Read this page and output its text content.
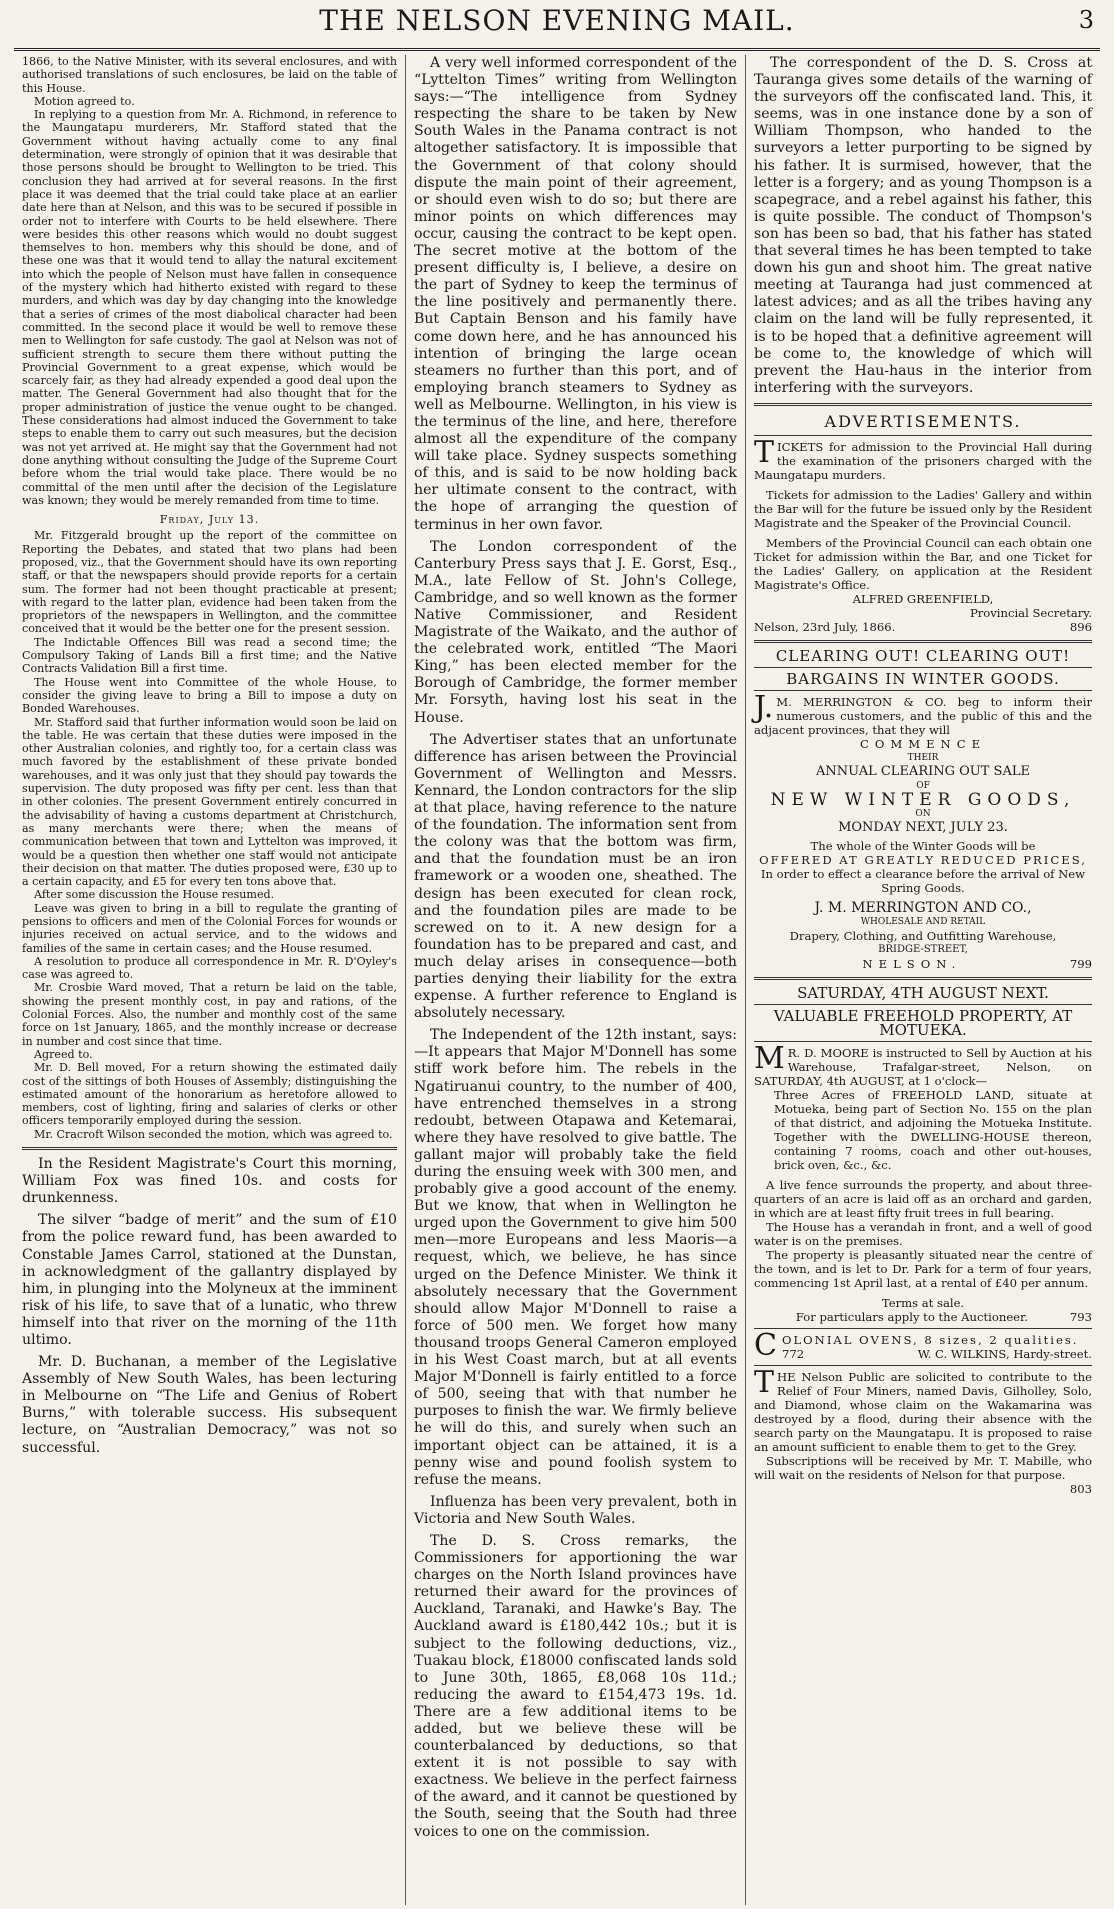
THE NELSON EVENING MAIL.	3

1866, to the Native Minister, with its several enclosures, and with authorised translations of such enclosures, be laid on the table of this House.

Motion agreed to.

In replying to a question from Mr. A. Richmond, in reference to the Maungatapu murderers, Mr. Stafford stated that the Government without having actually come to any final determination, were strongly of opinion that it was desirable that those persons should be brought to Wellington to be tried. This conclusion they had arrived at for several reasons. In the first place it was deemed that the trial could take place at an earlier date here than at Nelson, and this was to be secured if possible in order not to interfere with Courts to be held elsewhere. There were besides this other reasons which would no doubt suggest themselves to hon. members why this should be done, and of these one was that it would tend to allay the natural excitement into which the people of Nelson must have fallen in consequence of the mystery which had hitherto existed with regard to these murders, and which was day by day changing into the knowledge that a series of crimes of the most diabolical character had been committed. In the second place it would be well to remove these men to Wellington for safe custody. The gaol at Nelson was not of sufficient strength to secure them there without putting the Provincial Government to a great expense, which would be scarcely fair, as they had already expended a good deal upon the matter. The General Government had also thought that for the proper administration of justice the venue ought to be changed. These considerations had almost induced the Government to take steps to enable them to carry out such measures, but the decision was not yet arrived at. He might say that the Government had not done anything without consulting the Judge of the Supreme Court before whom the trial would take place. There would be no committal of the men until after the decision of the Legislature was known; they would be merely remanded from time to time.

Friday, July 13.

Mr. Fitzgerald brought up the report of the committee on Reporting the Debates, and stated that two plans had been proposed, viz., that the Government should have its own reporting staff, or that the newspapers should provide reports for a certain sum. The former had not been thought practicable at present; with regard to the latter plan, evidence had been taken from the proprietors of the newspapers in Wellington, and the committee conceived that it would be the better one for the present session.

The Indictable Offences Bill was read a second time; the Compulsory Taking of Lands Bill a first time; and the Native Contracts Validation Bill a first time.

The House went into Committee of the whole House, to consider the giving leave to bring a Bill to impose a duty on Bonded Warehouses.

Mr. Stafford said that further information would soon be laid on the table. He was certain that these duties were imposed in the other Australian colonies, and rightly too, for a certain class was much favored by the establishment of these private bonded warehouses, and it was only just that they should pay towards the supervision. The duty proposed was fifty per cent. less than that in other colonies. The present Government entirely concurred in the advisability of having a customs department at Christchurch, as many merchants were there; when the means of communication between that town and Lyttelton was improved, it would be a question then whether one staff would not anticipate their decision on that matter. The duties proposed were, £30 up to a certain capacity, and £5 for every ten tons above that.

After some discussion the House resumed.

Leave was given to bring in a bill to regulate the granting of pensions to officers and men of the Colonial Forces for wounds or injuries received on actual service, and to the widows and families of the same in certain cases; and the House resumed.

A resolution to produce all correspondence in Mr. R. D'Oyley's case was agreed to.

Mr. Crosbie Ward moved, That a return be laid on the table, showing the present monthly cost, in pay and rations, of the Colonial Forces. Also, the number and monthly cost of the same force on 1st January, 1865, and the monthly increase or decrease in number and cost since that time.

Agreed to.

Mr. D. Bell moved, For a return showing the estimated daily cost of the sittings of both Houses of Assembly; distinguishing the estimated amount of the honorarium as heretofore allowed to members, cost of lighting, firing and salaries of clerks or other officers temporarily employed during the session.

Mr. Cracroft Wilson seconded the motion, which was agreed to.

In the Resident Magistrate's Court this morning, William Fox was fined 10s. and costs for drunkenness.

The silver “badge of merit” and the sum of £10 from the police reward fund, has been awarded to Constable James Carrol, stationed at the Dunstan, in acknowledgment of the gallantry displayed by him, in plunging into the Molyneux at the imminent risk of his life, to save that of a lunatic, who threw himself into that river on the morning of the 11th ultimo.

Mr. D. Buchanan, a member of the Legislative Assembly of New South Wales, has been lecturing in Melbourne on “The Life and Genius of Robert Burns,” with tolerable success. His subsequent lecture, on “Australian Democracy,” was not so successful.

A very well informed correspondent of the “Lyttelton Times” writing from Wellington says:—“The intelligence from Sydney respecting the share to be taken by New South Wales in the Panama contract is not altogether satisfactory. It is impossible that the Government of that colony should dispute the main point of their agreement, or should even wish to do so; but there are minor points on which differences may occur, causing the contract to be kept open. The secret motive at the bottom of the present difficulty is, I believe, a desire on the part of Sydney to keep the terminus of the line positively and permanently there. But Captain Benson and his family have come down here, and he has announced his intention of bringing the large ocean steamers no further than this port, and of employing branch steamers to Sydney as well as Melbourne. Wellington, in his view is the terminus of the line, and here, therefore almost all the expenditure of the company will take place. Sydney suspects something of this, and is said to be now holding back her ultimate consent to the contract, with the hope of arranging the question of terminus in her own favor.

The London correspondent of the Canterbury Press says that J. E. Gorst, Esq., M.A., late Fellow of St. John's College, Cambridge, and so well known as the former Native Commissioner, and Resident Magistrate of the Waikato, and the author of the celebrated work, entitled “The Maori King,” has been elected member for the Borough of Cambridge, the former member Mr. Forsyth, having lost his seat in the House.

The Advertiser states that an unfortunate difference has arisen between the Provincial Government of Wellington and Messrs. Kennard, the London contractors for the slip at that place, having reference to the nature of the foundation. The information sent from the colony was that the bottom was firm, and that the foundation must be an iron framework or a wooden one, sheathed. The design has been executed for clean rock, and the foundation piles are made to be screwed on to it. A new design for a foundation has to be prepared and cast, and much delay arises in consequence—both parties denying their liability for the extra expense. A further reference to England is absolutely necessary.

The Independent of the 12th instant, says:—It appears that Major M'Donnell has some stiff work before him. The rebels in the Ngatiruanui country, to the number of 400, have entrenched themselves in a strong redoubt, between Otapawa and Ketemarai, where they have resolved to give battle. The gallant major will probably take the field during the ensuing week with 300 men, and probably give a good account of the enemy. But we know, that when in Wellington he urged upon the Government to give him 500 men—more Europeans and less Maoris—a request, which, we believe, he has since urged on the Defence Minister. We think it absolutely necessary that the Government should allow Major M'Donnell to raise a force of 500 men. We forget how many thousand troops General Cameron employed in his West Coast march, but at all events Major M'Donnell is fairly entitled to a force of 500, seeing that with that number he purposes to finish the war. We firmly believe he will do this, and surely when such an important object can be attained, it is a penny wise and pound foolish system to refuse the means.

Influenza has been very prevalent, both in Victoria and New South Wales.

The D. S. Cross remarks, the Commissioners for apportioning the war charges on the North Island provinces have returned their award for the provinces of Auckland, Taranaki, and Hawke's Bay. The Auckland award is £180,442 10s.; but it is subject to the following deductions, viz., Tuakau block, £18000 confiscated lands sold to June 30th, 1865, £8,068 10s 11d.; reducing the award to £154,473 19s. 1d. There are a few additional items to be added, but we believe these will be counterbalanced by deductions, so that extent it is not possible to say with exactness. We believe in the perfect fairness of the award, and it cannot be questioned by the South, seeing that the South had three voices to one on the commission.

The correspondent of the D. S. Cross at Tauranga gives some details of the warning of the surveyors off the confiscated land. This, it seems, was in one instance done by a son of William Thompson, who handed to the surveyors a letter purporting to be signed by his father. It is surmised, however, that the letter is a forgery; and as young Thompson is a scapegrace, and a rebel against his father, this is quite possible. The conduct of Thompson's son has been so bad, that his father has stated that several times he has been tempted to take down his gun and shoot him. The great native meeting at Tauranga had just commenced at latest advices; and as all the tribes having any claim on the land will be fully represented, it is to be hoped that a definitive agreement will be come to, the knowledge of which will prevent the Hau-haus in the interior from interfering with the surveyors.

ADVERTISEMENTS.

TICKETS for admission to the Provincial Hall during the examination of the prisoners charged with the Maungatapu murders.

Tickets for admission to the Ladies' Gallery and within the Bar will for the future be issued only by the Resident Magistrate and the Speaker of the Provincial Council.

Members of the Provincial Council can each obtain one Ticket for admission within the Bar, and one Ticket for the Ladies' Gallery, on application at the Resident Magistrate's Office.

ALFRED GREENFIELD,

Provincial Secretary.

Nelson, 23rd July, 1866.	896

CLEARING OUT! CLEARING OUT!

BARGAINS IN WINTER GOODS.

J.M. MERRINGTON & CO. beg to inform their numerous customers, and the public of this and the adjacent provinces, that they will

COMMENCE

THEIR

ANNUAL CLEARING OUT SALE

OF

NEW WINTER GOODS,

ON

MONDAY NEXT, JULY 23.

The whole of the Winter Goods will be

OFFERED AT GREATLY REDUCED PRICES,

In order to effect a clearance before the arrival of New Spring Goods.

J. M. MERRINGTON AND CO.,

WHOLESALE AND RETAIL

Drapery, Clothing, and Outfitting Warehouse,

BRIDGE-STREET,

NELSON.	799

SATURDAY, 4TH AUGUST NEXT.

VALUABLE FREEHOLD PROPERTY, AT MOTUEKA.

MR. D. MOORE is instructed to Sell by Auction at his Warehouse, Trafalgar-street, Nelson, on SATURDAY, 4th AUGUST, at 1 o'clock—

Three Acres of FREEHOLD LAND, situate at Motueka, being part of Section No. 155 on the plan of that district, and adjoining the Motueka Institute. Together with the DWELLING-HOUSE thereon, containing 7 rooms, coach and other out-houses, brick oven, &c., &c.

A live fence surrounds the property, and about three-quarters of an acre is laid off as an orchard and garden, in which are at least fifty fruit trees in full bearing.

The House has a verandah in front, and a well of good water is on the premises.

The property is pleasantly situated near the centre of the town, and is let to Dr. Park for a term of four years, commencing 1st April last, at a rental of £40 per annum.

Terms at sale.

For particulars apply to the Auctioneer.	793

COLONIAL OVENS, 8 sizes, 2 qualities.

772	W. C. WILKINS, Hardy-street.

THE Nelson Public are solicited to contribute to the Relief of Four Miners, named Davis, Gilholley, Solo, and Diamond, whose claim on the Wakamarina was destroyed by a flood, during their absence with the search party on the Maungatapu. It is proposed to raise an amount sufficient to enable them to get to the Grey.

Subscriptions will be received by Mr. T. Mabille, who will wait on the residents of Nelson for that purpose.

803
